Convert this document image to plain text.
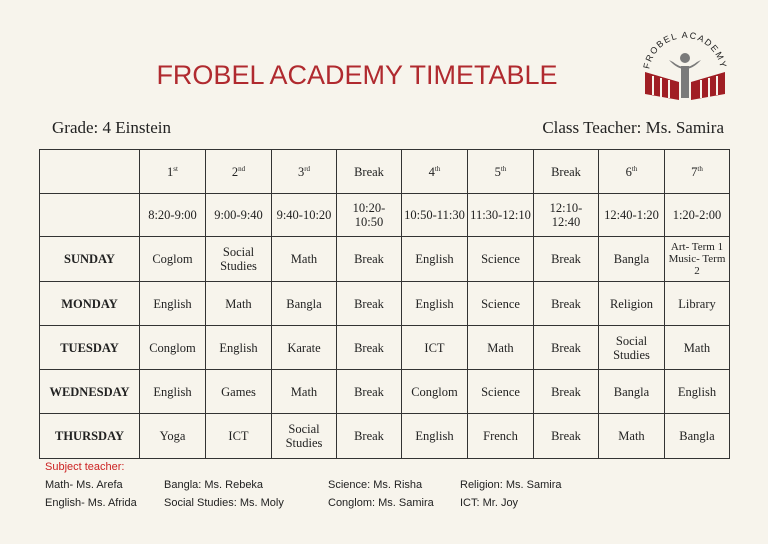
FROBEL ACADEMY TIMETABLE	FROBEL ACADEMY
Grade: 4 Einstein	Class Teacher: Ms. Samira
	1st	2nd	3rd	Break	4th	5th	Break	6th	7th
	8:20-9:00	9:00-9:40	9:40-10:20	10:20-10:50	10:50-11:30	11:30-12:10	12:10-12:40	12:40-1:20	1:20-2:00
SUNDAY	Coglom	Social Studies	Math	Break	English	Science	Break	Bangla	Art- Term 1 Music- Term 2
MONDAY	English	Math	Bangla	Break	English	Science	Break	Religion	Library
TUESDAY	Conglom	English	Karate	Break	ICT	Math	Break	Social Studies	Math
WEDNESDAY	English	Games	Math	Break	Conglom	Science	Break	Bangla	English
THURSDAY	Yoga	ICT	Social Studies	Break	English	French	Break	Math	Bangla
Subject teacher:
Math- Ms. Arefa	Bangla: Ms. Rebeka	Science: Ms. Risha	Religion: Ms. Samira
English- Ms. Afrida Social Studies: Ms. Moly	Conglom: Ms. Samira ICT: Mr. Joy
